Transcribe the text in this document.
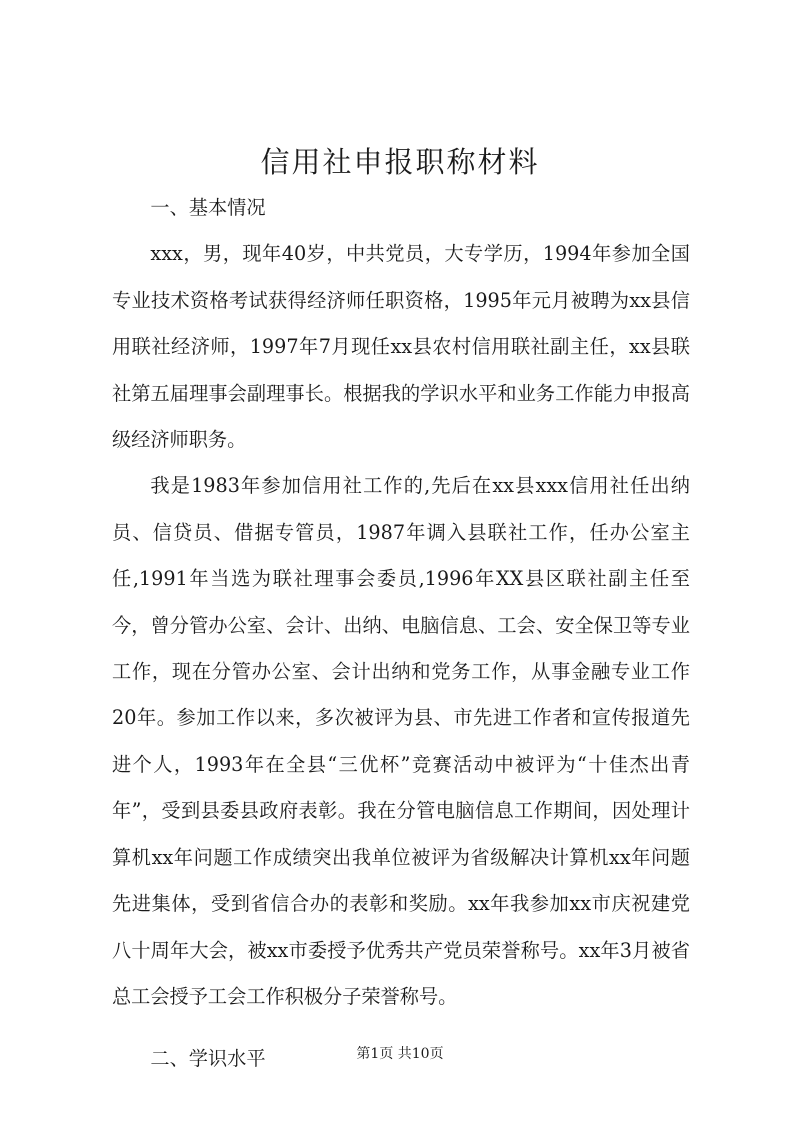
信用社申报职称材料

一、基本情况

xxx，男，现年40岁，中共党员，大专学历，1994年参加全国专业技术资格考试获得经济师任职资格，1995年元月被聘为xx县信用联社经济师，1997年7月现任xx县农村信用联社副主任，xx县联社第五届理事会副理事长。根据我的学识水平和业务工作能力申报高级经济师职务。

我是1983年参加信用社工作的,先后在xx县xxx信用社任出纳员、信贷员、借据专管员，1987年调入县联社工作，任办公室主任,1991年当选为联社理事会委员,1996年XX县区联社副主任至今，曾分管办公室、会计、出纳、电脑信息、工会、安全保卫等专业工作，现在分管办公室、会计出纳和党务工作，从事金融专业工作20年。参加工作以来，多次被评为县、市先进工作者和宣传报道先进个人，1993年在全县“三优杯”竞赛活动中被评为“十佳杰出青年”，受到县委县政府表彰。我在分管电脑信息工作期间，因处理计算机xx年问题工作成绩突出我单位被评为省级解决计算机xx年问题先进集体，受到省信合办的表彰和奖励。xx年我参加xx市庆祝建党八十周年大会，被xx市委授予优秀共产党员荣誉称号。xx年3月被省总工会授予工会工作积极分子荣誉称号。

二、学识水平	第1页 共10页
